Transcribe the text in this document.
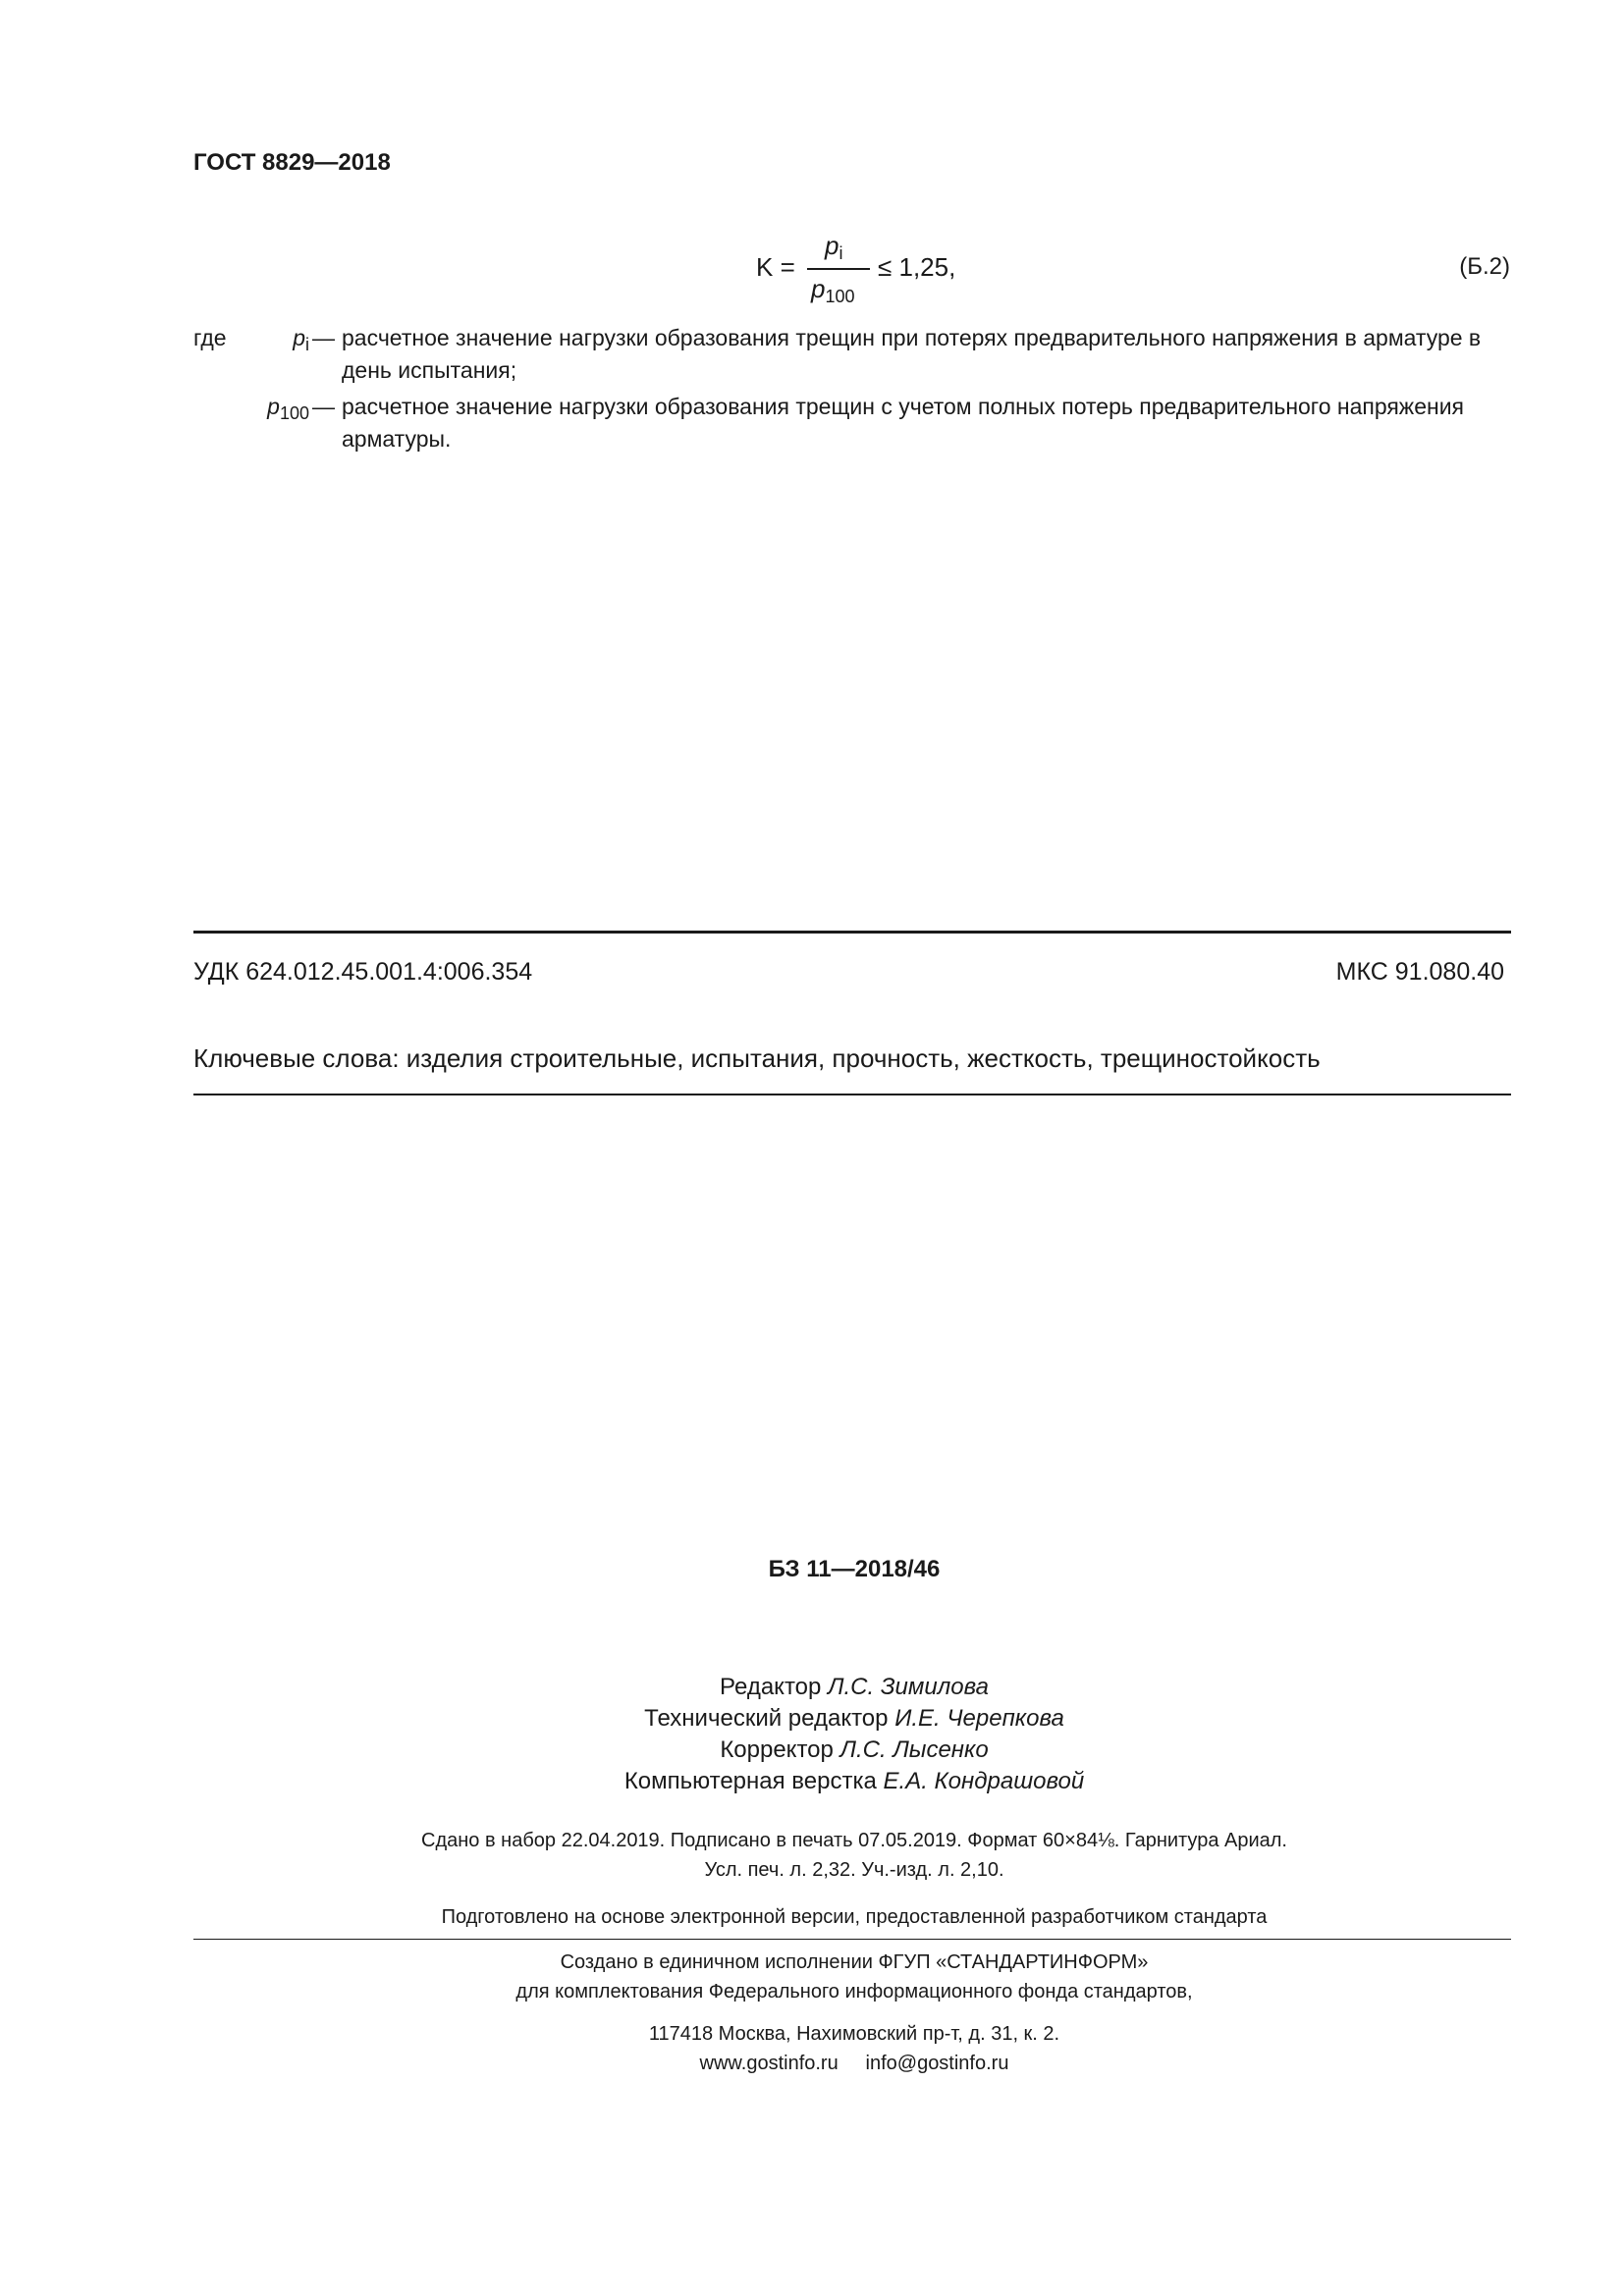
ГОСТ 8829—2018
K =
$p_i$
$p_{100}$
≤ 1,25,	(Б.2)
где	$p_i$ — расчетное значение нагрузки образования трещин при потерях предварительного напряжения в арматуре в день испытания;
$p_{100}$ — расчетное значение нагрузки образования трещин с учетом полных потерь предварительного напряжения арматуры.
УДК 624.012.45.001.4:006.354	МКС 91.080.40
Ключевые слова: изделия строительные, испытания, прочность, жесткость, трещиностойкость
БЗ 11—2018/46
Редактор Л.С. Зимилова
Технический редактор И.Е. Черепкова
Корректор Л.С. Лысенко
Компьютерная верстка Е.А. Кондрашовой
Сдано в набор 22.04.2019. Подписано в печать 07.05.2019. Формат 60×84⅛. Гарнитура Ариал.
Усл. печ. л. 2,32. Уч.-изд. л. 2,10.
Подготовлено на основе электронной версии, предоставленной разработчиком стандарта
Создано в единичном исполнении ФГУП «СТАНДАРТИНФОРМ»
для комплектования Федерального информационного фонда стандартов,
117418 Москва, Нахимовский пр-т, д. 31, к. 2.
www.gostinfo.ru info@gostinfo.ru
